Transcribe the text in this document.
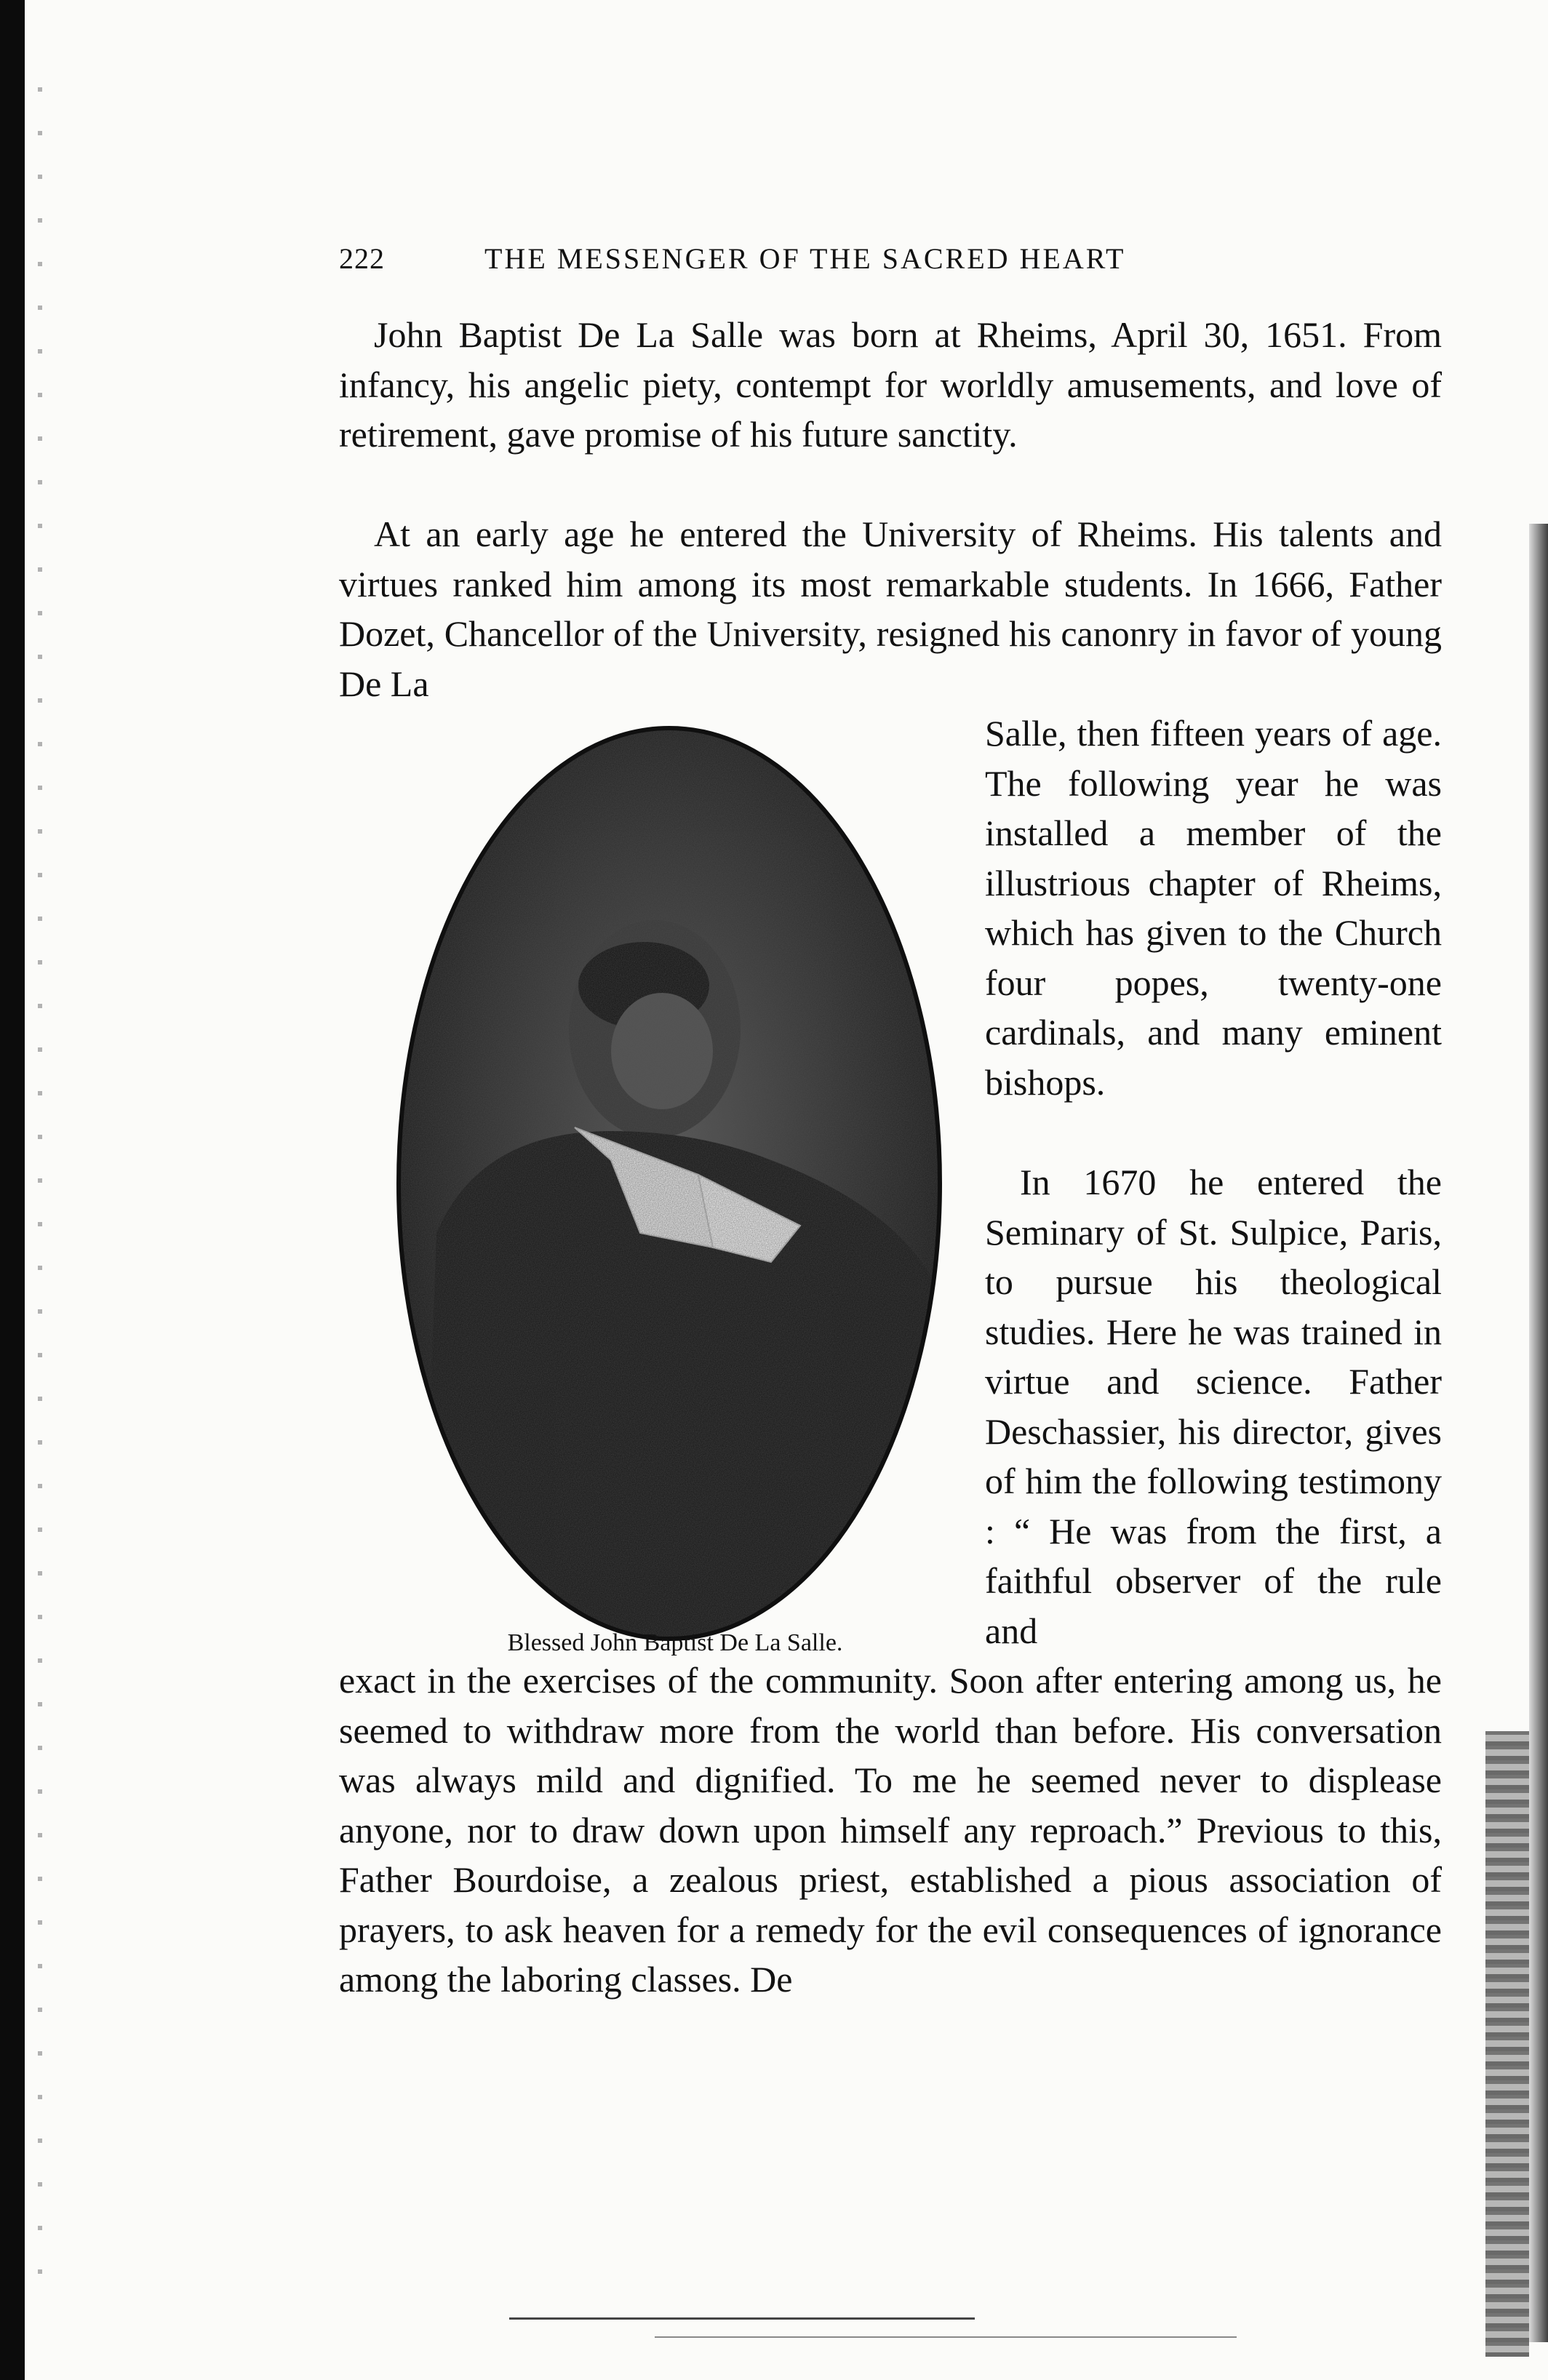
222	THE MESSENGER OF THE SACRED HEART

John Baptist De La Salle was born at Rheims, April 30, 1651. From infancy, his angelic piety, contempt for worldly amusements, and love of retirement, gave promise of his future sanctity.

At an early age he entered the University of Rheims. His talents and virtues ranked him among its most remarkable students. In 1666, Father Dozet, Chancellor of the University, resigned his canonry in favor of young De La

Salle, then fifteen years of age. The following year he was installed a member of the illustrious chapter of Rheims, which has given to the Church four popes, twenty-one cardinals, and many eminent bishops.

In 1670 he entered the Seminary of St. Sulpice, Paris, to pursue his theological studies. Here he was trained in virtue and science. Father Deschassier, his director, gives of him the following testimony : “ He was from the first, a faithful observer of the rule and

Blessed John Baptist De La Salle.

exact in the exercises of the community. Soon after entering among us, he seemed to withdraw more from the world than before. His conversation was always mild and dignified. To me he seemed never to displease anyone, nor to draw down upon himself any reproach.” Previous to this, Father Bourdoise, a zealous priest, established a pious association of prayers, to ask heaven for a remedy for the evil consequences of ignorance among the laboring classes. De
